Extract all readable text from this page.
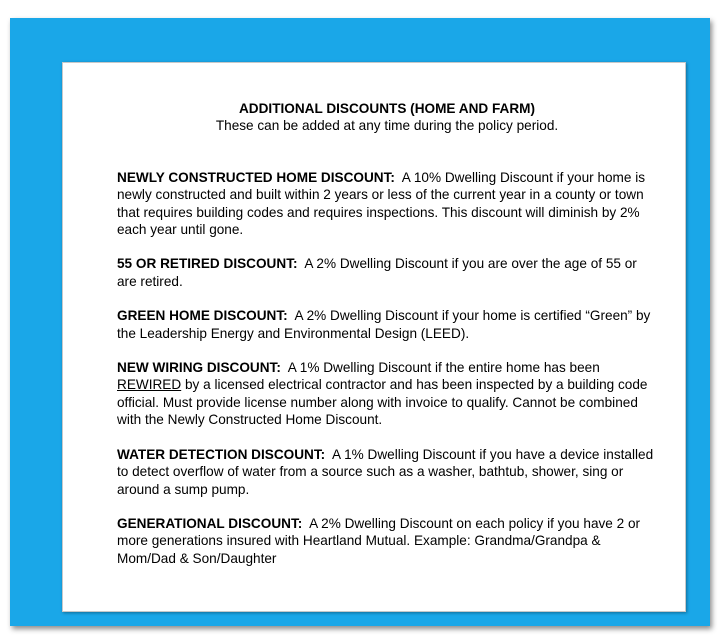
ADDITIONAL DISCOUNTS (HOME AND FARM)
These can be added at any time during the policy period.

NEWLY CONSTRUCTED HOME DISCOUNT: A 10% Dwelling Discount if your home is newly constructed and built within 2 years or less of the current year in a county or town that requires building codes and requires inspections. This discount will diminish by 2% each year until gone.

55 OR RETIRED DISCOUNT: A 2% Dwelling Discount if you are over the age of 55 or are retired.

GREEN HOME DISCOUNT: A 2% Dwelling Discount if your home is certified “Green” by the Leadership Energy and Environmental Design (LEED).

NEW WIRING DISCOUNT: A 1% Dwelling Discount if the entire home has been REWIRED by a licensed electrical contractor and has been inspected by a building code official. Must provide license number along with invoice to qualify. Cannot be combined with the Newly Constructed Home Discount.

WATER DETECTION DISCOUNT: A 1% Dwelling Discount if you have a device installed to detect overflow of water from a source such as a washer, bathtub, shower, sing or around a sump pump.

GENERATIONAL DISCOUNT: A 2% Dwelling Discount on each policy if you have 2 or more generations insured with Heartland Mutual. Example: Grandma/Grandpa & Mom/Dad & Son/Daughter
